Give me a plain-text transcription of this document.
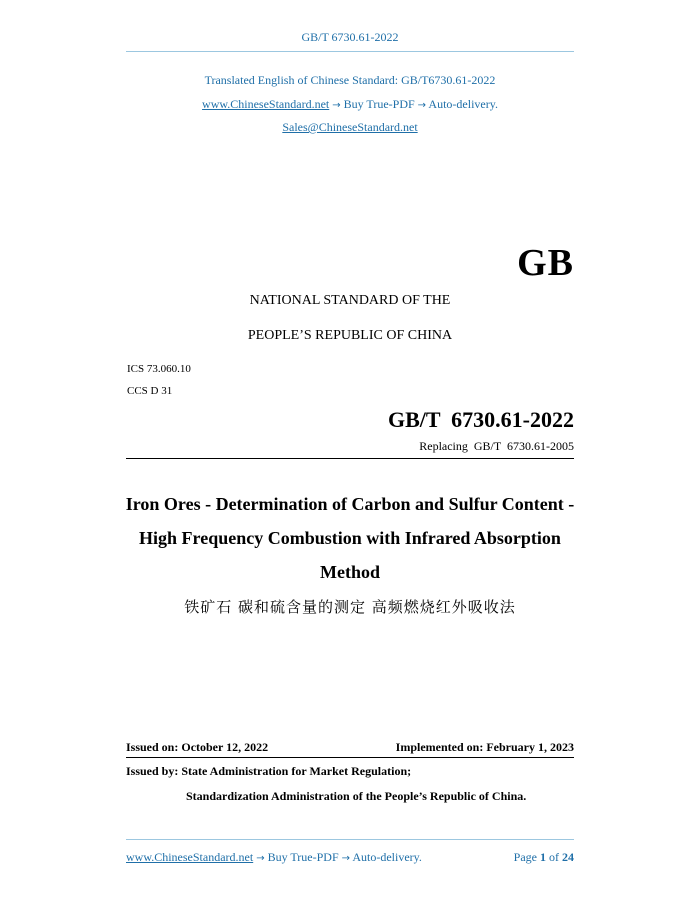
GB/T 6730.61-2022
Translated English of Chinese Standard: GB/T6730.61-2022
www.ChineseStandard.net → Buy True-PDF → Auto-delivery.
Sales@ChineseStandard.net
GB
NATIONAL STANDARD OF THE
PEOPLE’S REPUBLIC OF CHINA
ICS 73.060.10
CCS D 31
GB/T  6730.61-2022
Replacing  GB/T  6730.61-2005
Iron Ores - Determination of Carbon and Sulfur Content -
High Frequency Combustion with Infrared Absorption
Method
铁矿石 碳和硫含量的测定 高频燃烧红外吸收法
Issued on: October 12, 2022	Implemented on: February 1, 2023
Issued by: State Administration for Market Regulation;
Standardization Administration of the People’s Republic of China.
www.ChineseStandard.net → Buy True-PDF → Auto-delivery.	Page 1 of 24
